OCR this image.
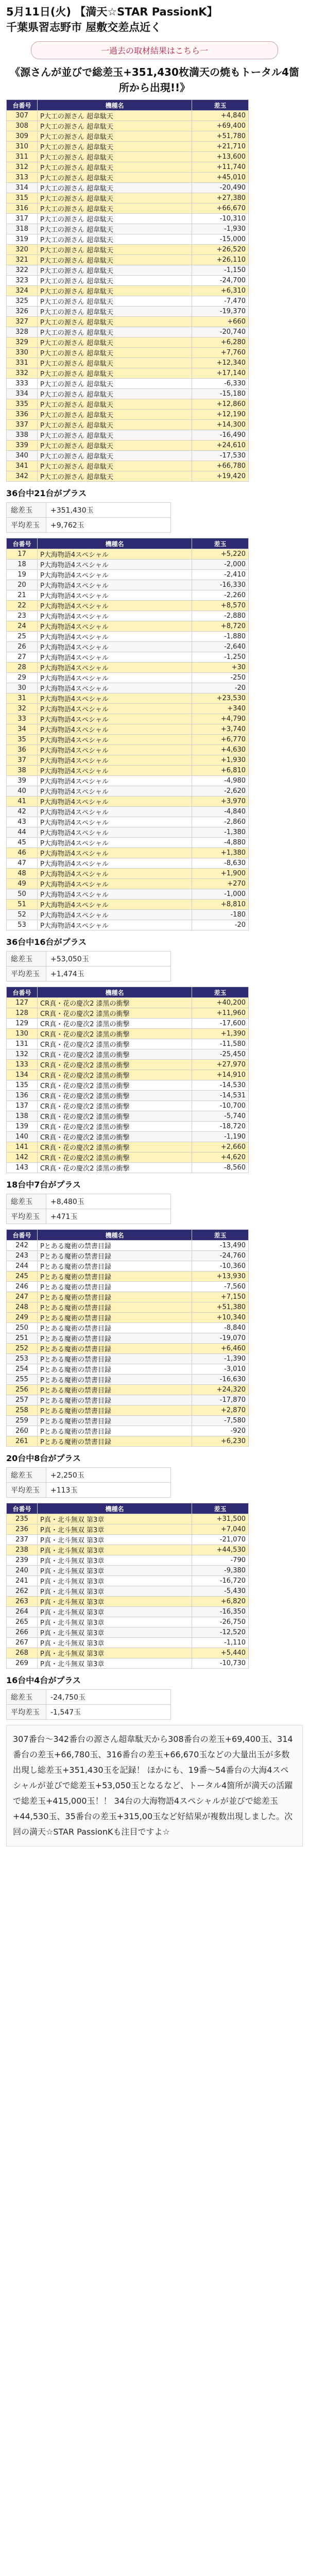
5月11日(火) 【満天☆STAR PassionK】
千葉県習志野市 屋敷交差点近く
一過去の取材結果はこちら一
《源さんが並びで総差玉+351,430枚満天の焼もトータル4箇所から出現!!》
台番号	機種名	差玉
307	P大工の源さん 超韋駄天	+4,840
308	P大工の源さん 超韋駄天	+69,400
309	P大工の源さん 超韋駄天	+51,780
310	P大工の源さん 超韋駄天	+21,710
311	P大工の源さん 超韋駄天	+13,600
312	P大工の源さん 超韋駄天	+11,740
313	P大工の源さん 超韋駄天	+45,010
314	P大工の源さん 超韋駄天	-20,490
315	P大工の源さん 超韋駄天	+27,380
316	P大工の源さん 超韋駄天	+66,670
317	P大工の源さん 超韋駄天	-10,310
318	P大工の源さん 超韋駄天	-1,930
319	P大工の源さん 超韋駄天	-15,000
320	P大工の源さん 超韋駄天	+26,520
321	P大工の源さん 超韋駄天	+26,110
322	P大工の源さん 超韋駄天	-1,150
323	P大工の源さん 超韋駄天	-24,700
324	P大工の源さん 超韋駄天	+6,310
325	P大工の源さん 超韋駄天	-7,470
326	P大工の源さん 超韋駄天	-19,370
327	P大工の源さん 超韋駄天	+660
328	P大工の源さん 超韋駄天	-20,740
329	P大工の源さん 超韋駄天	+6,280
330	P大工の源さん 超韋駄天	+7,760
331	P大工の源さん 超韋駄天	+12,340
332	P大工の源さん 超韋駄天	+17,140
333	P大工の源さん 超韋駄天	-6,330
334	P大工の源さん 超韋駄天	-15,180
335	P大工の源さん 超韋駄天	+12,860
336	P大工の源さん 超韋駄天	+12,190
337	P大工の源さん 超韋駄天	+14,300
338	P大工の源さん 超韋駄天	-16,490
339	P大工の源さん 超韋駄天	+24,610
340	P大工の源さん 超韋駄天	-17,530
341	P大工の源さん 超韋駄天	+66,780
342	P大工の源さん 超韋駄天	+19,420
36台中21台がプラス
総差玉	+351,430玉
平均差玉	+9,762玉
台番号	機種名	差玉
17	P大海物語4スペシャル	+5,220
18	P大海物語4スペシャル	-2,000
19	P大海物語4スペシャル	-2,410
20	P大海物語4スペシャル	-16,330
21	P大海物語4スペシャル	-2,260
22	P大海物語4スペシャル	+8,570
23	P大海物語4スペシャル	-2,880
24	P大海物語4スペシャル	+8,720
25	P大海物語4スペシャル	-1,880
26	P大海物語4スペシャル	-2,640
27	P大海物語4スペシャル	-1,250
28	P大海物語4スペシャル	+30
29	P大海物語4スペシャル	-250
30	P大海物語4スペシャル	-20
31	P大海物語4スペシャル	+23,530
32	P大海物語4スペシャル	+340
33	P大海物語4スペシャル	+4,790
34	P大海物語4スペシャル	+3,740
35	P大海物語4スペシャル	+6,770
36	P大海物語4スペシャル	+4,630
37	P大海物語4スペシャル	+1,930
38	P大海物語4スペシャル	+6,810
39	P大海物語4スペシャル	-4,980
40	P大海物語4スペシャル	-2,620
41	P大海物語4スペシャル	+3,970
42	P大海物語4スペシャル	-4,840
43	P大海物語4スペシャル	-2,860
44	P大海物語4スペシャル	-1,380
45	P大海物語4スペシャル	-4,880
46	P大海物語4スペシャル	+1,380
47	P大海物語4スペシャル	-8,630
48	P大海物語4スペシャル	+1,900
49	P大海物語4スペシャル	+270
50	P大海物語4スペシャル	-1,000
51	P大海物語4スペシャル	+8,810
52	P大海物語4スペシャル	-180
53	P大海物語4スペシャル	-20
36台中16台がプラス
総差玉	+53,050玉
平均差玉	+1,474玉
台番号	機種名	差玉
127	CR真・花の慶次2 漆黒の衝撃	+40,200
128	CR真・花の慶次2 漆黒の衝撃	+11,960
129	CR真・花の慶次2 漆黒の衝撃	-17,600
130	CR真・花の慶次2 漆黒の衝撃	+1,390
131	CR真・花の慶次2 漆黒の衝撃	-11,580
132	CR真・花の慶次2 漆黒の衝撃	-25,450
133	CR真・花の慶次2 漆黒の衝撃	+27,970
134	CR真・花の慶次2 漆黒の衝撃	+14,910
135	CR真・花の慶次2 漆黒の衝撃	-14,530
136	CR真・花の慶次2 漆黒の衝撃	-14,531
137	CR真・花の慶次2 漆黒の衝撃	-10,700
138	CR真・花の慶次2 漆黒の衝撃	-5,740
139	CR真・花の慶次2 漆黒の衝撃	-18,720
140	CR真・花の慶次2 漆黒の衝撃	-1,190
141	CR真・花の慶次2 漆黒の衝撃	+2,660
142	CR真・花の慶次2 漆黒の衝撃	+4,620
143	CR真・花の慶次2 漆黒の衝撃	-8,560
18台中7台がプラス
総差玉	+8,480玉
平均差玉	+471玉
台番号	機種名	差玉
242	Pとある魔術の禁書目録	-13,490
243	Pとある魔術の禁書目録	-24,760
244	Pとある魔術の禁書目録	-10,360
245	Pとある魔術の禁書目録	+13,930
246	Pとある魔術の禁書目録	-7,560
247	Pとある魔術の禁書目録	+7,150
248	Pとある魔術の禁書目録	+51,380
249	Pとある魔術の禁書目録	+10,340
250	Pとある魔術の禁書目録	-8,840
251	Pとある魔術の禁書目録	-19,070
252	Pとある魔術の禁書目録	+6,460
253	Pとある魔術の禁書目録	-1,390
254	Pとある魔術の禁書目録	-3,010
255	Pとある魔術の禁書目録	-16,630
256	Pとある魔術の禁書目録	+24,320
257	Pとある魔術の禁書目録	-17,870
258	Pとある魔術の禁書目録	+2,870
259	Pとある魔術の禁書目録	-7,580
260	Pとある魔術の禁書目録	-920
261	Pとある魔術の禁書目録	+6,230
20台中8台がプラス
総差玉	+2,250玉
平均差玉	+113玉
台番号	機種名	差玉
235	P真・北斗無双 第3章	+31,500
236	P真・北斗無双 第3章	+7,040
237	P真・北斗無双 第3章	-21,070
238	P真・北斗無双 第3章	+44,530
239	P真・北斗無双 第3章	-790
240	P真・北斗無双 第3章	-9,380
241	P真・北斗無双 第3章	-16,720
262	P真・北斗無双 第3章	-5,430
263	P真・北斗無双 第3章	+6,820
264	P真・北斗無双 第3章	-16,350
265	P真・北斗無双 第3章	-26,750
266	P真・北斗無双 第3章	-12,520
267	P真・北斗無双 第3章	-1,110
268	P真・北斗無双 第3章	+5,440
269	P真・北斗無双 第3章	-10,730
16台中4台がプラス
総差玉	-24,750玉
平均差玉	-1,547玉
307番台〜342番台の源さん超韋駄天から308番台の差玉+69,400玉、314番台の差玉+66,780玉、316番台の差玉+66,670玉などの大量出玉が多数出現し総差玉+351,430玉を記録！ ほかにも、19番〜54番台の大海4スペシャルが並びで総差玉+53,050玉となるなど、トータル4箇所が満天の活躍で総差玉+415,000玉！！ 34台の大海物語4スペシャルが並びで総差玉+44,530玉、35番台の差玉+315,00玉など好結果が複数出現しました。次回の満天☆STAR PassionKも注目ですよ☆
